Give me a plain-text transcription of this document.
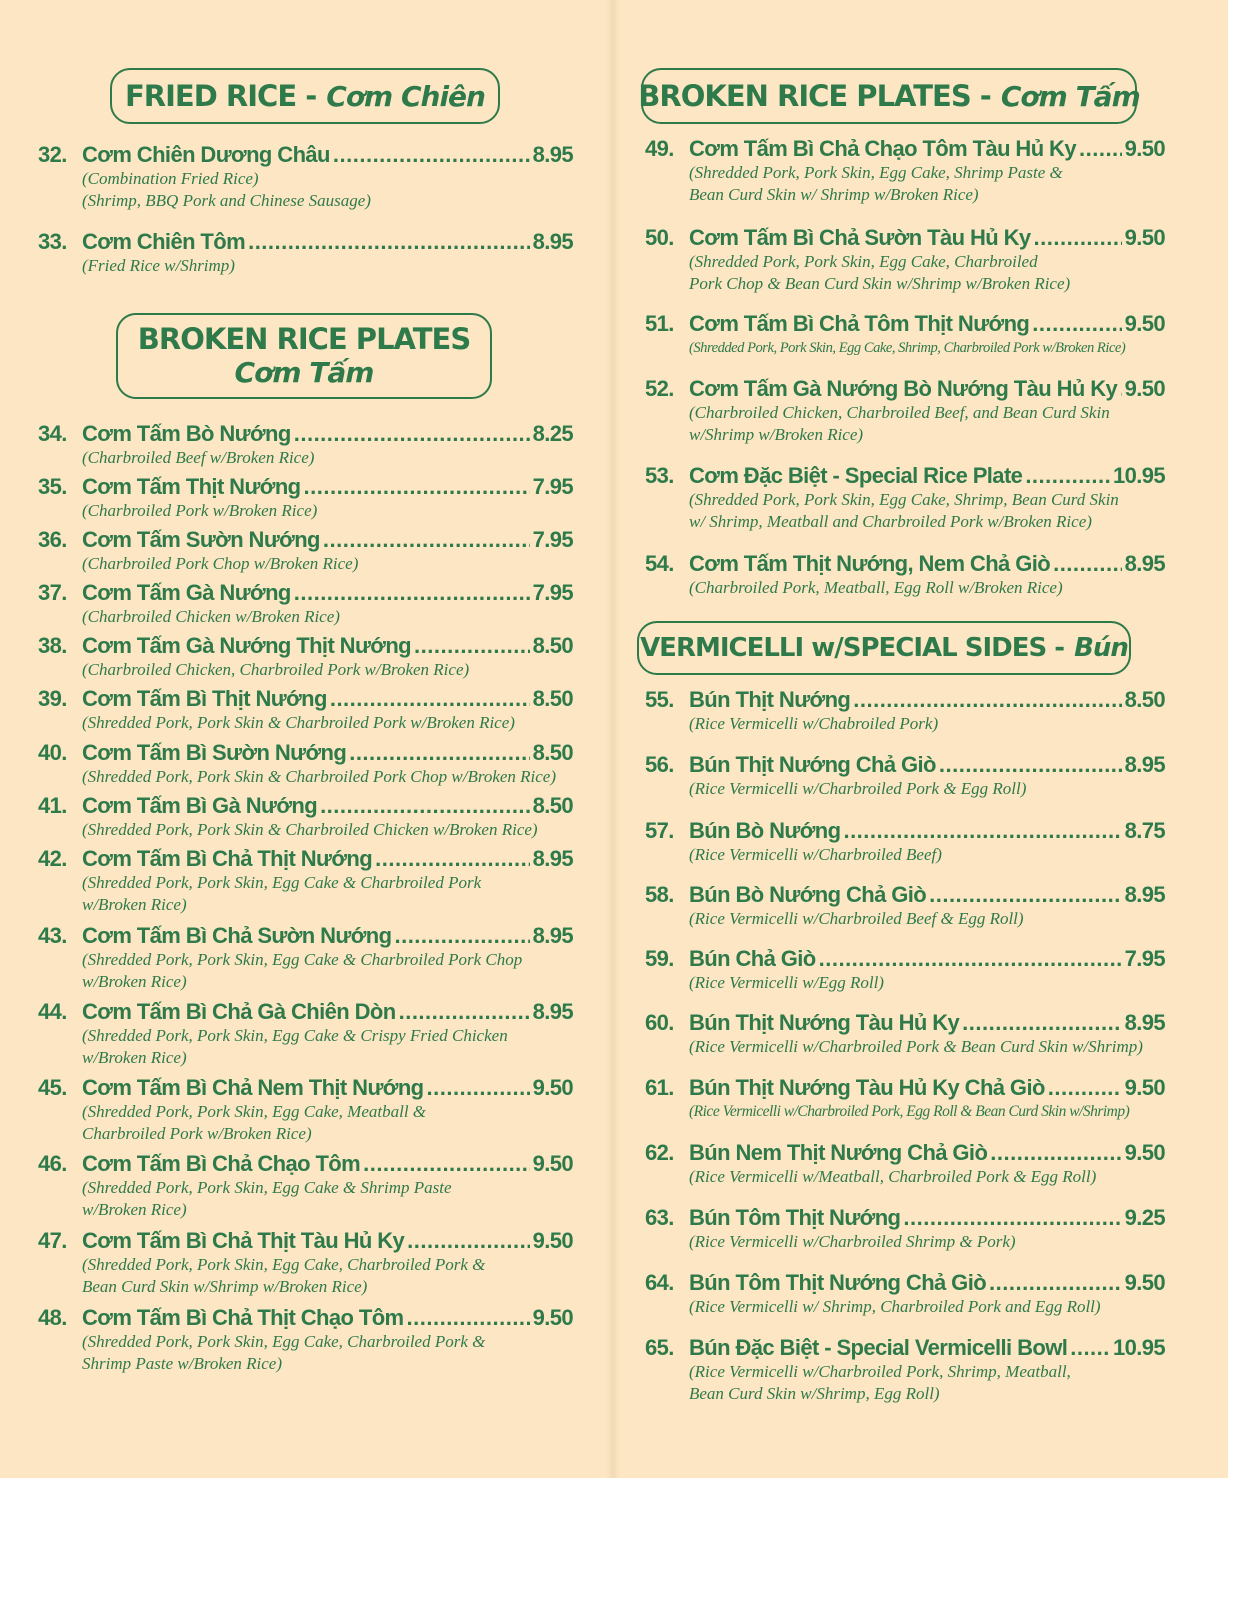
FRIED RICE - Cơm Chiên
32. Cơm Chiên Dương Châu .....	8.95
(Combination Fried Rice)
(Shrimp, BBQ Pork and Chinese Sausage)
33. Cơm Chiên Tôm .....	8.95
(Fried Rice w/Shrimp)
BROKEN RICE PLATES
Cơm Tấm
34. Cơm Tấm Bò Nướng .....	8.25
(Charbroiled Beef w/Broken Rice)
35. Cơm Tấm Thịt Nướng .....	7.95
(Charbroiled Pork w/Broken Rice)
36. Cơm Tấm Sườn Nướng .....	7.95
(Charbroiled Pork Chop w/Broken Rice)
37. Cơm Tấm Gà Nướng .....	7.95
(Charbroiled Chicken w/Broken Rice)
38. Cơm Tấm Gà Nướng Thịt Nướng .....	8.50
(Charbroiled Chicken, Charbroiled Pork w/Broken Rice)
39. Cơm Tấm Bì Thịt Nướng .....	8.50
(Shredded Pork, Pork Skin & Charbroiled Pork w/Broken Rice)
40. Cơm Tấm Bì Sườn Nướng .....	8.50
(Shredded Pork, Pork Skin & Charbroiled Pork Chop w/Broken Rice)
41. Cơm Tấm Bì Gà Nướng .....	8.50
(Shredded Pork, Pork Skin & Charbroiled Chicken w/Broken Rice)
42. Cơm Tấm Bì Chả Thịt Nướng .....	8.95
(Shredded Pork, Pork Skin, Egg Cake & Charbroiled Pork
w/Broken Rice)
43. Cơm Tấm Bì Chả Sườn Nướng .....	8.95
(Shredded Pork, Pork Skin, Egg Cake & Charbroiled Pork Chop
w/Broken Rice)
44. Cơm Tấm Bì Chả Gà Chiên Dòn .....	8.95
(Shredded Pork, Pork Skin, Egg Cake & Crispy Fried Chicken
w/Broken Rice)
45. Cơm Tấm Bì Chả Nem Thịt Nướng .....	9.50
(Shredded Pork, Pork Skin, Egg Cake, Meatball &
Charbroiled Pork w/Broken Rice)
46. Cơm Tấm Bì Chả Chạo Tôm .....	9.50
(Shredded Pork, Pork Skin, Egg Cake & Shrimp Paste
w/Broken Rice)
47. Cơm Tấm Bì Chả Thịt Tàu Hủ Ky .....	9.50
(Shredded Pork, Pork Skin, Egg Cake, Charbroiled Pork &
Bean Curd Skin w/Shrimp w/Broken Rice)
48. Cơm Tấm Bì Chả Thịt Chạo Tôm .....	9.50
(Shredded Pork, Pork Skin, Egg Cake, Charbroiled Pork &
Shrimp Paste w/Broken Rice)
BROKEN RICE PLATES - Cơm Tấm
49. Cơm Tấm Bì Chả Chạo Tôm Tàu Hủ Ky ..... 9.50
(Shredded Pork, Pork Skin, Egg Cake, Shrimp Paste &
Bean Curd Skin w/ Shrimp w/Broken Rice)
50. Cơm Tấm Bì Chả Sườn Tàu Hủ Ky .....	9.50
(Shredded Pork, Pork Skin, Egg Cake, Charbroiled
Pork Chop & Bean Curd Skin w/Shrimp w/Broken Rice)
51. Cơm Tấm Bì Chả Tôm Thịt Nướng .....	9.50
(Shredded Pork, Pork Skin, Egg Cake, Shrimp, Charbroiled Pork w/Broken Rice)
52. Cơm Tấm Gà Nướng Bò Nướng Tàu Hủ Ky ..... 9.50
(Charbroiled Chicken, Charbroiled Beef, and Bean Curd Skin
w/Shrimp w/Broken Rice)
53. Cơm Đặc Biệt - Special Rice Plate .....	10.95
(Shredded Pork, Pork Skin, Egg Cake, Shrimp, Bean Curd Skin
w/ Shrimp, Meatball and Charbroiled Pork w/Broken Rice)
54. Cơm Tấm Thịt Nướng, Nem Chả Giò .....	8.95
(Charbroiled Pork, Meatball, Egg Roll w/Broken Rice)
VERMICELLI w/SPECIAL SIDES - Bún
55. Bún Thịt Nướng .....	8.50
(Rice Vermicelli w/Chabroiled Pork)
56. Bún Thịt Nướng Chả Giò .....	8.95
(Rice Vermicelli w/Charbroiled Pork & Egg Roll)
57. Bún Bò Nướng .....	8.75
(Rice Vermicelli w/Charbroiled Beef)
58. Bún Bò Nướng Chả Giò .....	8.95
(Rice Vermicelli w/Charbroiled Beef & Egg Roll)
59. Bún Chả Giò .....	7.95
(Rice Vermicelli w/Egg Roll)
60. Bún Thịt Nướng Tàu Hủ Ky .....	8.95
(Rice Vermicelli w/Charbroiled Pork & Bean Curd Skin w/Shrimp)
61. Bún Thịt Nướng Tàu Hủ Ky Chả Giò .....	9.50
(Rice Vermicelli w/Charbroiled Pork, Egg Roll & Bean Curd Skin w/Shrimp)
62. Bún Nem Thịt Nướng Chả Giò .....	9.50
(Rice Vermicelli w/Meatball, Charbroiled Pork & Egg Roll)
63. Bún Tôm Thịt Nướng .....	9.25
(Rice Vermicelli w/Charbroiled Shrimp & Pork)
64. Bún Tôm Thịt Nướng Chả Giò .....	9.50
(Rice Vermicelli w/ Shrimp, Charbroiled Pork and Egg Roll)
65. Bún Đặc Biệt - Special Vermicelli Bowl ..... 10.95
(Rice Vermicelli w/Charbroiled Pork, Shrimp, Meatball,
Bean Curd Skin w/Shrimp, Egg Roll)
